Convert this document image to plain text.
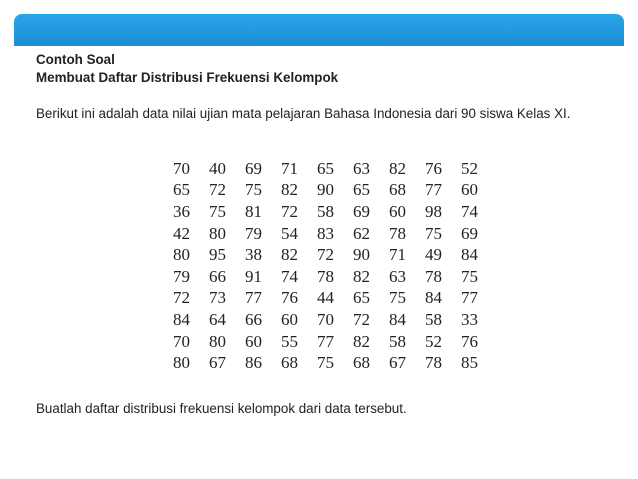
Contoh Soal

Membuat Daftar Distribusi Frekuensi Kelompok

Berikut ini adalah data nilai ujian mata pelajaran Bahasa Indonesia dari 90 siswa Kelas XI.

70	40	69	71	65	63	82	76	52
65	72	75	82	90	65	68	77	60
36	75	81	72	58	69	60	98	74
42	80	79	54	83	62	78	75	69
80	95	38	82	72	90	71	49	84
79	66	91	74	78	82	63	78	75
72	73	77	76	44	65	75	84	77
84	64	66	60	70	72	84	58	33
70	80	60	55	77	82	58	52	76
80	67	86	68	75	68	67	78	85

Buatlah daftar distribusi frekuensi kelompok dari data tersebut.
